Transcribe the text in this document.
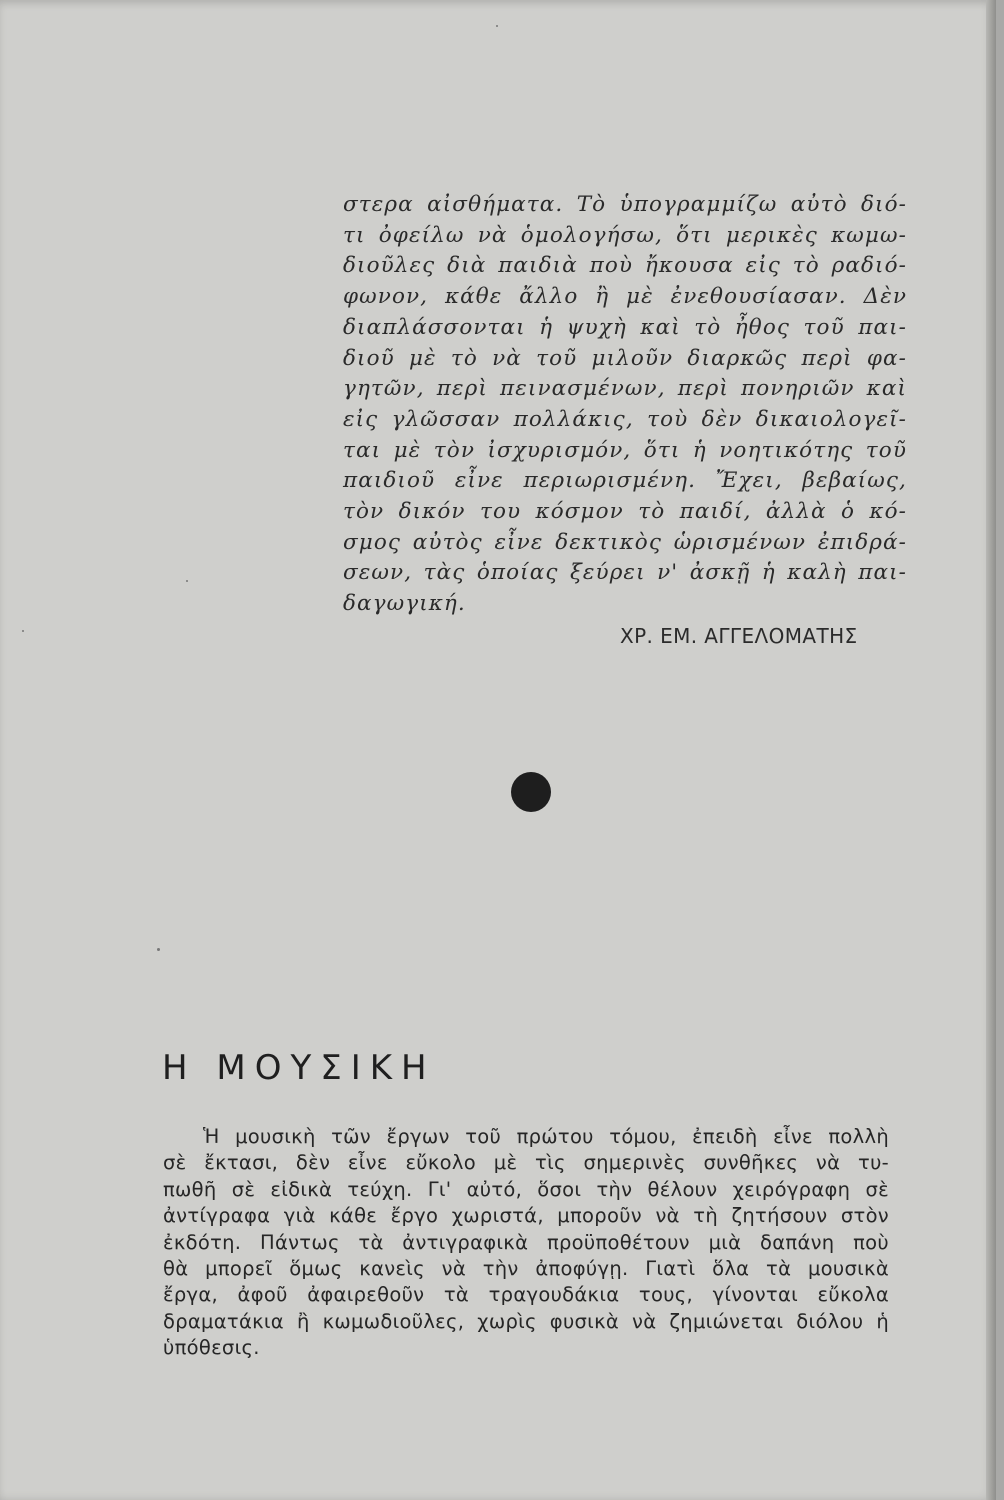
στερα αἰσθήματα. Τὸ ὑπογραμμίζω αὐτὸ διό-
τι ὀφείλω νὰ ὁμολογήσω, ὅτι μερικὲς κωμω-
διοῦλες διὰ παιδιὰ ποὺ ἤκουσα εἰς τὸ ραδιό-
φωνον, κάθε ἄλλο ἢ μὲ ἐνεθουσίασαν. Δὲν
διαπλάσσονται ἡ ψυχὴ καὶ τὸ ἦθος τοῦ παι-
διοῦ μὲ τὸ νὰ τοῦ μιλοῦν διαρκῶς περὶ φα-
γητῶν, περὶ πεινασμένων, περὶ πονηριῶν καὶ
εἰς γλῶσσαν πολλάκις, τοὺ δὲν δικαιολογεῖ-
ται μὲ τὸν ἰσχυρισμόν, ὅτι ἡ νοητικότης τοῦ
παιδιοῦ εἶνε περιωρισμένη. Ἔχει, βεβαίως,
τὸν δικόν του κόσμον τὸ παιδί, ἀλλὰ ὁ κό-
σμος αὐτὸς εἶνε δεκτικὸς ὡρισμένων ἐπιδρά-
σεων, τὰς ὁποίας ξεύρει ν' ἀσκῇ ἡ καλὴ παι-
δαγωγική.
ΧΡ. ΕΜ. ΑΓΓΕΛΟΜΑΤΗΣ
Η ΜΟΥΣΙΚΗ
Ἡ μουσικὴ τῶν ἔργων τοῦ πρώτου τόμου, ἐπειδὴ εἶνε πολλὴ
σὲ ἔκτασι, δὲν εἶνε εὔκολο μὲ τὶς σημερινὲς συνθῆκες νὰ τυ-
πωθῆ σὲ εἰδικὰ τεύχη. Γι' αὐτό, ὅσοι τὴν θέλουν χειρόγραφη σὲ
ἀντίγραφα γιὰ κάθε ἔργο χωριστά, μποροῦν νὰ τὴ ζητήσουν στὸν
ἐκδότη. Πάντως τὰ ἀντιγραφικὰ προϋποθέτουν μιὰ δαπάνη ποὺ
θὰ μπορεῖ ὅμως κανεὶς νὰ τὴν ἀποφύγῃ. Γιατὶ ὅλα τὰ μουσικὰ
ἔργα, ἀφοῦ ἀφαιρεθοῦν τὰ τραγουδάκια τους, γίνονται εὔκολα
δραματάκια ἢ κωμωδιοῦλες, χωρὶς φυσικὰ νὰ ζημιώνεται διόλου ἡ
ὑπόθεσις.
